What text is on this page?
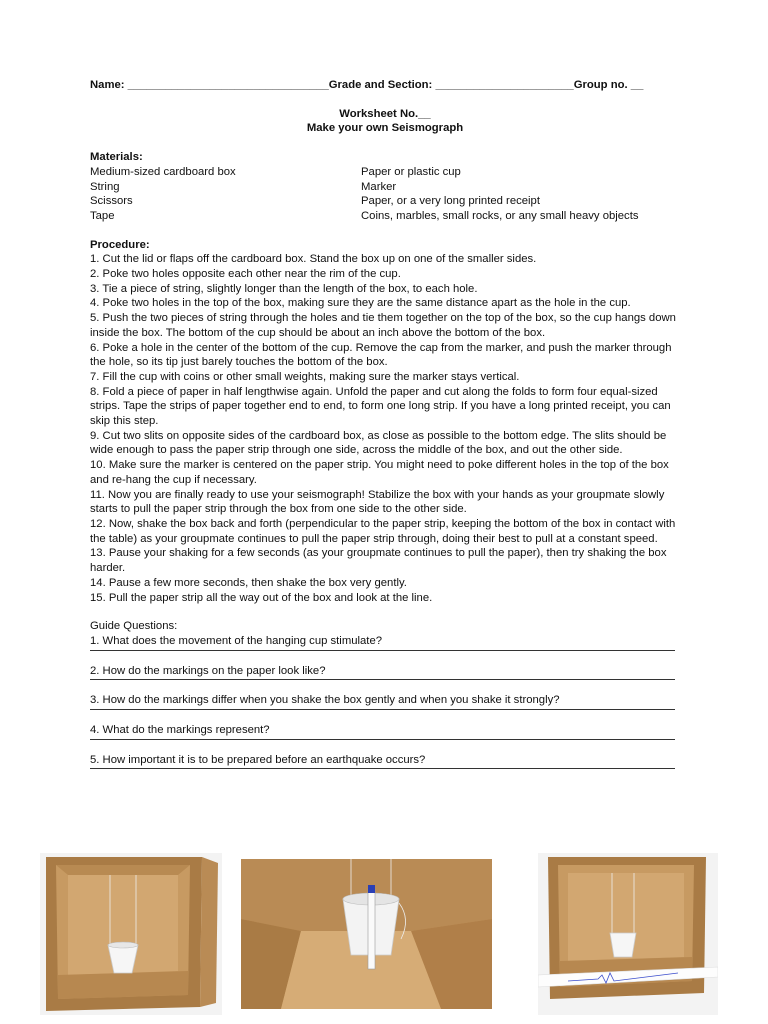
Name: ________________________________Grade and Section: ______________________Group no. __
Worksheet No.__
Make your own Seismograph
Materials:
Medium-sized cardboard box	Paper or plastic cup
String	Marker
Scissors	Paper, or a very long printed receipt
Tape	Coins, marbles, small rocks, or any small heavy objects
Procedure:

1. Cut the lid or flaps off the cardboard box. Stand the box up on one of the smaller sides.

2. Poke two holes opposite each other near the rim of the cup.

3. Tie a piece of string, slightly longer than the length of the box, to each hole.

4. Poke two holes in the top of the box, making sure they are the same distance apart as the hole in the cup.

5. Push the two pieces of string through the holes and tie them together on the top of the box, so the cup hangs down inside the box. The bottom of the cup should be about an inch above the bottom of the box.

6. Poke a hole in the center of the bottom of the cup. Remove the cap from the marker, and push the marker through the hole, so its tip just barely touches the bottom of the box.

7. Fill the cup with coins or other small weights, making sure the marker stays vertical.

8. Fold a piece of paper in half lengthwise again. Unfold the paper and cut along the folds to form four equal-sized strips. Tape the strips of paper together end to end, to form one long strip. If you have a long printed receipt, you can skip this step.

9. Cut two slits on opposite sides of the cardboard box, as close as possible to the bottom edge. The slits should be wide enough to pass the paper strip through one side, across the middle of the box, and out the other side.

10. Make sure the marker is centered on the paper strip. You might need to poke different holes in the top of the box and re-hang the cup if necessary.

11. Now you are finally ready to use your seismograph! Stabilize the box with your hands as your groupmate slowly starts to pull the paper strip through the box from one side to the other side.

12. Now, shake the box back and forth (perpendicular to the paper strip, keeping the bottom of the box in contact with the table) as your groupmate continues to pull the paper strip through, doing their best to pull at a constant speed.

13. Pause your shaking for a few seconds (as your groupmate continues to pull the paper), then try shaking the box harder.

14. Pause a few more seconds, then shake the box very gently.

15. Pull the paper strip all the way out of the box and look at the line.

Guide Questions:

1. What does the movement of the hanging cup stimulate?

2. How do the markings on the paper look like?

3. How do the markings differ when you shake the box gently and when you shake it strongly?

4. What do the markings represent?

5. How important it is to be prepared before an earthquake occurs?
